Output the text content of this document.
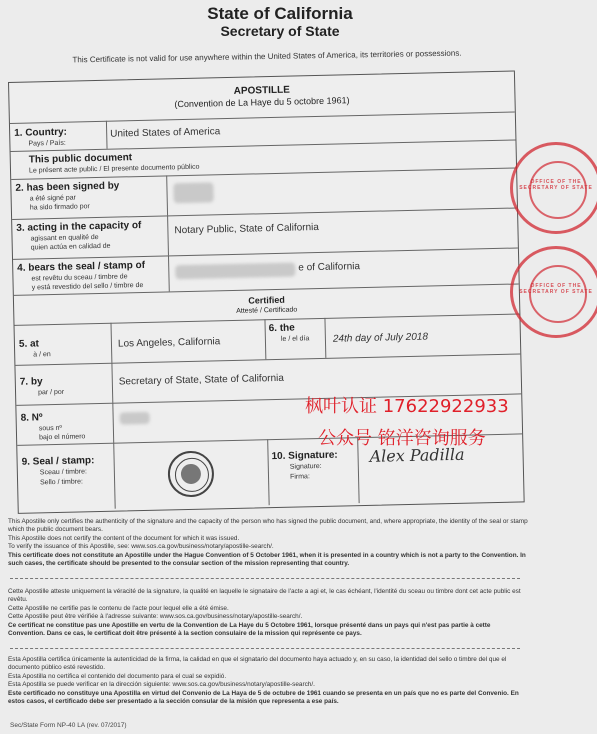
State of California
Secretary of State
This Certificate is not valid for use anywhere within the United States of America, its territories or possessions.
APOSTILLE
(Convention de La Haye du 5 octobre 1961)
1. Country:
Pays / País:
United States of America
This public document
Le présent acte public / El presente documento público
2. has been signed by
a été signé par
ha sido firmado por
3. acting in the capacity of
agissant en qualité de
quien actúa en calidad de
Notary Public, State of California
4. bears the seal / stamp of
est revêtu du sceau / timbre de
y está revestido del sello / timbre de
e of California
Certified
Attesté / Certificado
5. at
à / en
Los Angeles, California
6. the
le / el día 24th day of July 2018
7. by
par / por
Secretary of State, State of California
8. Nº
sous nº
bajo el número
9. Seal / stamp:
Sceau / timbre:
Sello / timbre:
10. Signature:
Signature:
Firma:
Alex Padilla
OFFICE OF THE SECRETARY OF STATE
OFFICE OF THE SECRETARY OF STATE
枫叶认证 17622922933
公众号 铭洋咨询服务
This Apostille only certifies the authenticity of the signature and the capacity of the person who has signed the public document, and, where appropriate, the identity of the seal or stamp which the public document bears.
This Apostille does not certify the content of the document for which it was issued.
To verify the issuance of this Apostille, see: www.sos.ca.gov/business/notary/apostille-search/.
This certificate does not constitute an Apostille under the Hague Convention of 5 October 1961, when it is presented in a country which is not a party to the Convention. In such cases, the certificate should be presented to the consular section of the mission representing that country.
Cette Apostille atteste uniquement la véracité de la signature, la qualité en laquelle le signataire de l'acte a agi et, le cas échéant, l'identité du sceau ou timbre dont cet acte public est revêtu.
Cette Apostille ne certifie pas le contenu de l'acte pour lequel elle a été émise.
Cette Apostille peut être vérifiée à l'adresse suivante: www.sos.ca.gov/business/notary/apostille-search/.
Ce certificat ne constitue pas une Apostille en vertu de la Convention de La Haye du 5 Octobre 1961, lorsque présenté dans un pays qui n'est pas partie à cette Convention. Dans ce cas, le certificat doit être présenté à la section consulaire de la mission qui représente ce pays.
Esta Apostilla certifica únicamente la autenticidad de la firma, la calidad en que el signatario del documento haya actuado y, en su caso, la identidad del sello o timbre del que el documento público esté revestido.
Esta Apostilla no certifica el contenido del documento para el cual se expidió.
Esta Apostilla se puede verificar en la dirección siguiente: www.sos.ca.gov/business/notary/apostille-search/.
Este certificado no constituye una Apostilla en virtud del Convenio de La Haya de 5 de octubre de 1961 cuando se presenta en un país que no es parte del Convenio. En estos casos, el certificado debe ser presentado a la sección consular de la misión que representa a ese país.
Sec/State Form NP-40 LA (rev. 07/2017)
